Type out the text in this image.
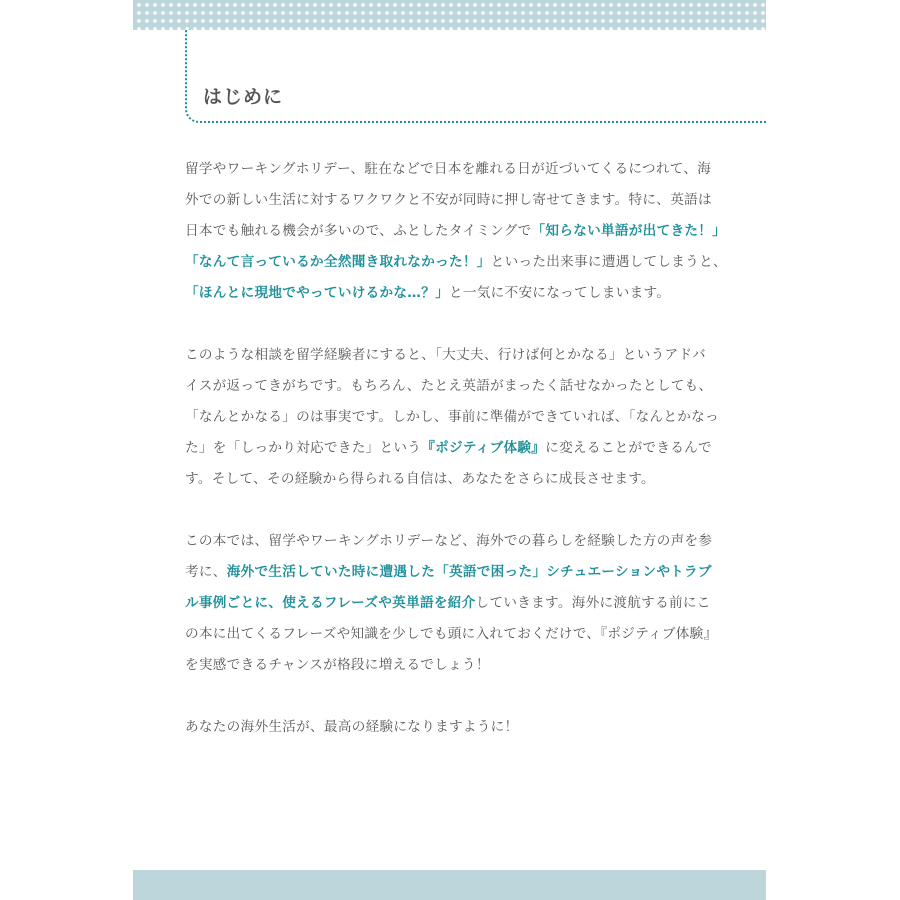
はじめに
留学やワーキングホリデー、駐在などで日本を離れる日が近づいてくるにつれて、海
外での新しい生活に対するワクワクと不安が同時に押し寄せてきます。特に、英語は
日本でも触れる機会が多いので、ふとしたタイミングで「知らない単語が出てきた！」
「なんて言っているか全然聞き取れなかった！」といった出来事に遭遇してしまうと、
「ほんとに現地でやっていけるかな…？」と一気に不安になってしまいます。
このような相談を留学経験者にすると、「大丈夫、行けば何とかなる」というアドバ
イスが返ってきがちです。もちろん、たとえ英語がまったく話せなかったとしても、
「なんとかなる」のは事実です。しかし、事前に準備ができていれば、「なんとかなっ
た」を「しっかり対応できた」という『ポジティブ体験』に変えることができるんで
す。そして、その経験から得られる自信は、あなたをさらに成長させます。
この本では、留学やワーキングホリデーなど、海外での暮らしを経験した方の声を参
考に、海外で生活していた時に遭遇した「英語で困った」シチュエーションやトラブ
ル事例ごとに、使えるフレーズや英単語を紹介していきます。海外に渡航する前にこ
の本に出てくるフレーズや知識を少しでも頭に入れておくだけで、『ポジティブ体験』
を実感できるチャンスが格段に増えるでしょう！
あなたの海外生活が、最高の経験になりますように！
